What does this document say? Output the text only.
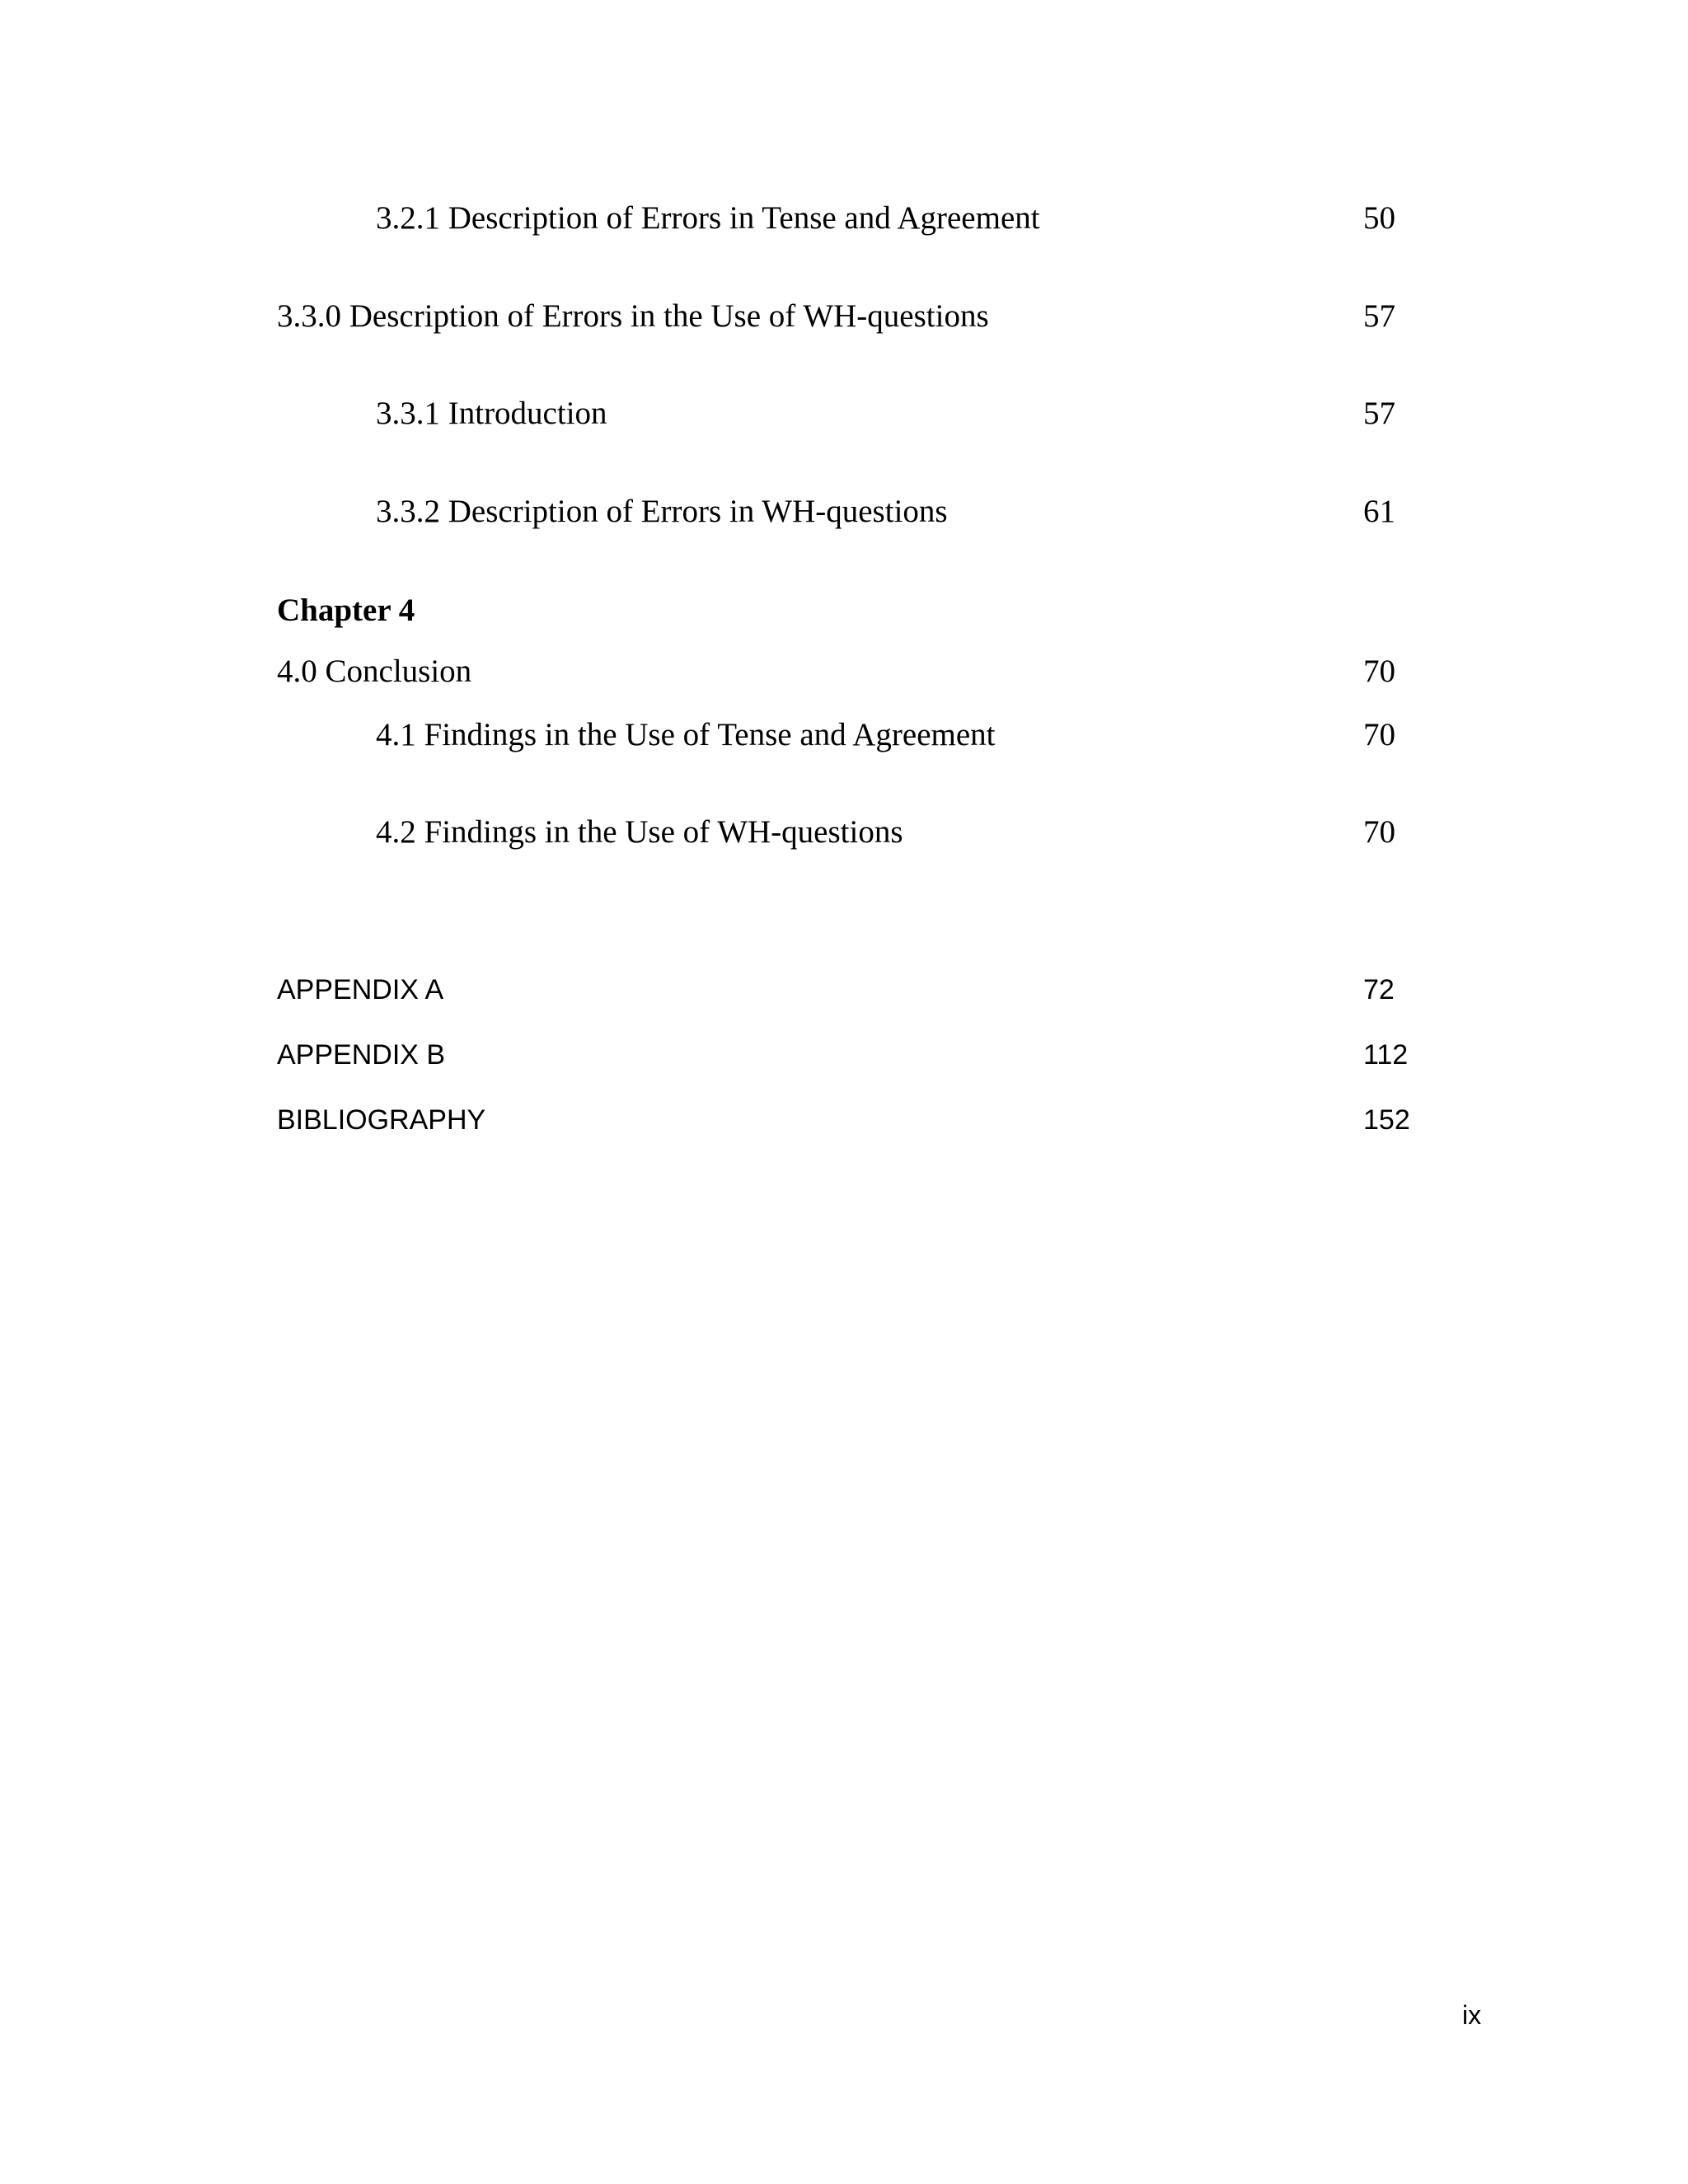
3.2.1 Description of Errors in Tense and Agreement	50
3.3.0 Description of Errors in the Use of WH-questions	57
3.3.1 Introduction	57
3.3.2 Description of Errors in WH-questions	61
Chapter 4
4.0 Conclusion	70
4.1 Findings in the Use of Tense and Agreement	70
4.2 Findings in the Use of WH-questions	70
APPENDIX A	72
APPENDIX B	112
BIBLIOGRAPHY	152
ix
